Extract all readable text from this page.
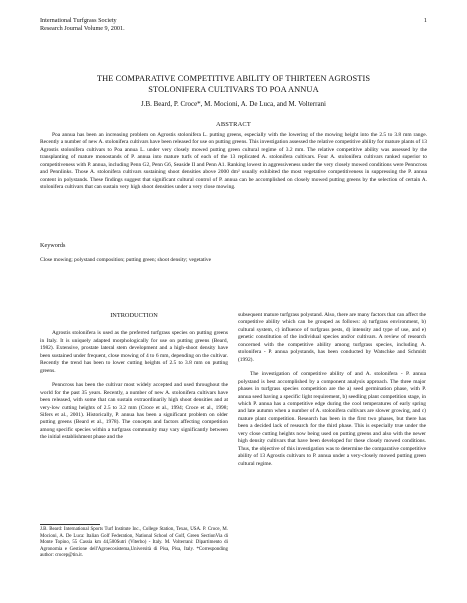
International Turfgrass Society
Research Journal Volume 9, 2001.
1
THE COMPARATIVE COMPETITIVE ABILITY OF THIRTEEN AGROSTIS
STOLONIFERA CULTIVARS TO POA ANNUA
J.B. Beard, P. Croce*, M. Mocioni, A. De Luca, and M. Volterrani
ABSTRACT
Poa annua has been an increasing problem on Agrostis stolonifera L. putting greens, especially with the lowering of the mowing height into the 2.5 to 3.8 mm range. Recently a number of new A. stolonifera cultivars have been released for use on putting greens. This investigation assessed the relative competitive ability for mature plants of 13 Agrostis stolonifera cultivars to Poa annua L. under very closely mowed putting green cultural regime of 3.2 mm. The relative competitive ability was assessed by the transplanting of mature monostands of P. annua into mature turfs of each of the 13 replicated A. stolonifera cultivars. Four A. stolonifera cultivars ranked superior to competitiveness with P. annua, including Penn G2, Penn G6, Seaside II and Penn A1. Ranking lowest in aggressiveness under the very closely mowed conditions were Penncross and Pennlinks. Those A. stolonifera cultivars sustaining shoot densities above 2000 dm² usually exhibited the most vegetative competitiveness in suppressing the P. annua content in polystands. These findings suggest that significant cultural control of P. annua can be accomplished on closely mowed putting greens by the selection of certain A. stolonifera cultivars that can sustain very high shoot densities under a very close mowing.
Keywords
Close mowing; polystand composition; putting green; shoot density; vegetative
INTRODUCTION

Agrostis stolonifera is used as the preferred turfgrass species on putting greens in Italy. It is uniquely adapted morphologically for use on putting greens (Beard, 1982). Extensive, prostate lateral stem development and a high-shoot density have been sustained under frequent, close mowing of 4 to 6 mm, depending on the cultivar. Recently the trend has been to lower cutting heights of 2.5 to 3.8 mm on putting greens.

Penncross has been the cultivar most widely accepted and used throughout the world for the past 35 years. Recently, a number of new A. stolonifera cultivars have been released, with some that can sustain extraordinarily high shoot densities and at very-low cutting heights of 2.5 to 3.2 mm (Croce et al., 1994; Croce et al., 1998; Sifers et al., 2001). Historically, P. annua has been a significant problem on older putting greens (Beard et al., 1978). The concepts and factors affecting competition among specific species within a turfgrass community may vary significantly between the initial establishment phase and the

subsequent mature turfgrass polystand. Also, there are many factors that can affect the competitive ability which can be grouped as follows: a) turfgrass environment, b) cultural system, c) influence of turfgrass pests, d) intensity and type of use, and e) genetic constitution of the individual species and/or cultivars. A review of research concerned with the competitive ability among turfgrass species, including A. stolonifera - P. annua polystands, has been conducted by Watschke and Schmidt (1992).

The investigation of competitive ability of and A. stolonifera - P. annua polystand is best accomplished by a component analysis approach. The three major phases in turfgrass species competition are the a) seed germination phase, with P. annua seed having a specific light requirement, b) seedling plant competition stage, in which P. annua has a competitive edge during the cool temperatures of early spring and late autumn when a number of A. stolonifera cultivars are slower growing, and c) mature plant competition. Research has been in the first two phases, but there has been a decided lack of research for the third phase. This is especially true under the very close cutting heights now being used on putting greens and also with the newer high density cultivars that have been developed for these closely mowed conditions. Thus, the objective of this investigation was to determine the comparative competitive ability of 13 Agrostis cultivars to P. annua under a very-closely mowed putting green cultural regime.

J.B. Beard: International Sports Turf Institute Inc., College Station, Texas, USA. P. Croce, M. Mocioni, A. De Luca: Italian Golf Federation, National School of Golf, Green SectionVia di Monte Topino, 55 Cassia km 44,500Sutri (Viterbo) - Italy. M. Volterrani: Dipartimento di Agronomia e Gestione dell'Agroecosistema,Università di Pisa, Pisa, Italy. *Corresponding author: crocep@tin.it.
